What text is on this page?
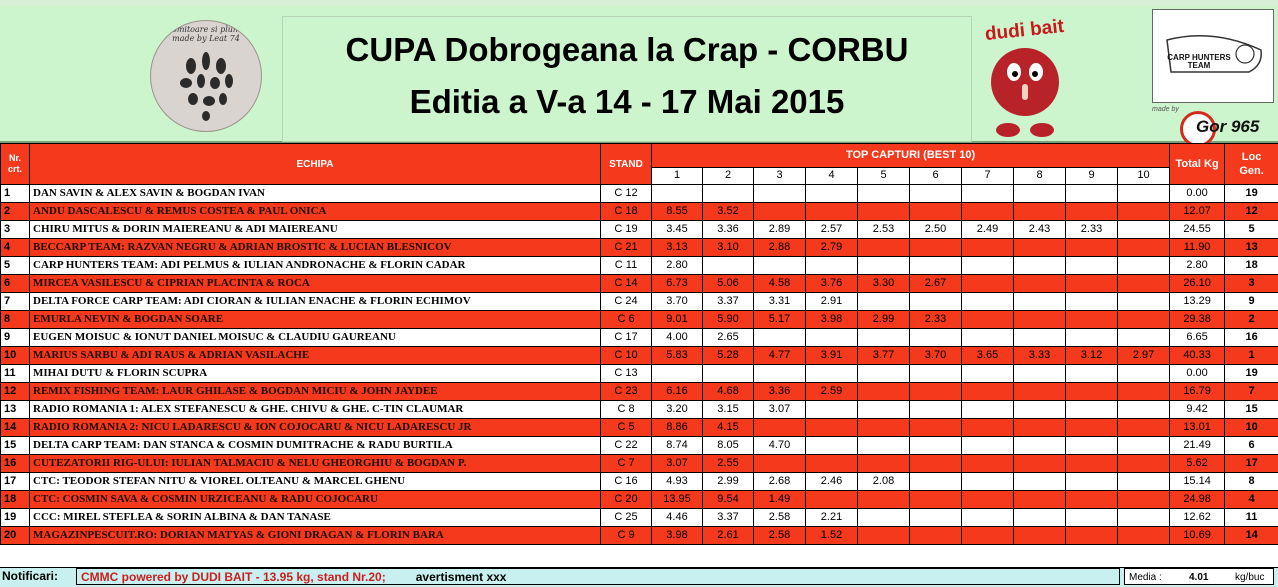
Momitoare si plumbi made by Leat 74	CUPA Dobrogeana la Crap - CORBU
Editia a V-a 14 - 17 Mai 2015
dudi bait
CARP HUNTERS TEAM
made by
Gor 965
Nr. crt.	ECHIPA	STAND	TOP CAPTURI (BEST 10)										Total Kg	Loc Gen.
			1	2	3	4	5	6	7	8	9	10		
1	DAN SAVIN & ALEX SAVIN & BOGDAN IVAN	C 12											0.00	19
2	ANDU DASCALESCU & REMUS COSTEA & PAUL ONICA	C 18	8.55	3.52									12.07	12
3	CHIRU MITUS & DORIN MAIEREANU & ADI MAIEREANU	C 19	3.45	3.36	2.89	2.57	2.53	2.50	2.49	2.43	2.33		24.55	5
4	BECCARP TEAM: RAZVAN NEGRU & ADRIAN BROSTIC & LUCIAN BLESNICOV	C 21	3.13	3.10	2.88	2.79							11.90	13
5	CARP HUNTERS TEAM: ADI PELMUS & IULIAN ANDRONACHE & FLORIN CADAR	C 11	2.80										2.80	18
6	MIRCEA VASILESCU & CIPRIAN PLACINTA & ROCA	C 14	6.73	5.06	4.58	3.76	3.30	2.67					26.10	3
7	DELTA FORCE CARP TEAM: ADI CIORAN & IULIAN ENACHE & FLORIN ECHIMOV	C 24	3.70	3.37	3.31	2.91							13.29	9
8	EMURLA NEVIN & BOGDAN SOARE	C 6	9.01	5.90	5.17	3.98	2.99	2.33					29.38	2
9	EUGEN MOISUC & IONUT DANIEL MOISUC & CLAUDIU GAUREANU	C 17	4.00	2.65									6.65	16
10	MARIUS SARBU & ADI RAUS & ADRIAN VASILACHE	C 10	5.83	5.28	4.77	3.91	3.77	3.70	3.65	3.33	3.12	2.97	40.33	1
11	MIHAI DUTU & FLORIN SCUPRA	C 13											0.00	19
12	REMIX FISHING TEAM: LAUR GHILASE & BOGDAN MICIU & JOHN JAYDEE	C 23	6.16	4.68	3.36	2.59							16.79	7
13	RADIO ROMANIA 1: ALEX STEFANESCU & GHE. CHIVU & GHE. C-TIN CLAUMAR	C 8	3.20	3.15	3.07								9.42	15
14	RADIO ROMANIA 2: NICU LADARESCU & ION COJOCARU & NICU LADARESCU JR	C 5	8.86	4.15									13.01	10
15	DELTA CARP TEAM: DAN STANCA & COSMIN DUMITRACHE & RADU BURTILA	C 22	8.74	8.05	4.70								21.49	6
16	CUTEZATORII RIG-ULUI: IULIAN TALMACIU & NELU GHEORGHIU & BOGDAN P.	C 7	3.07	2.55									5.62	17
17	CTC: TEODOR STEFAN NITU & VIOREL OLTEANU & MARCEL GHENU	C 16	4.93	2.99	2.68	2.46	2.08						15.14	8
18	CTC: COSMIN SAVA & COSMIN URZICEANU & RADU COJOCARU	C 20	13.95	9.54	1.49								24.98	4
19	CCC: MIREL STEFLEA & SORIN ALBINA & DAN TANASE	C 25	4.46	3.37	2.58	2.21							12.62	11
20	MAGAZINPESCUIT.RO: DORIAN MATYAS & GIONI DRAGAN & FLORIN BARA	C 9	3.98	2.61	2.58	1.52							10.69	14
Notificari:	CMMC powered by DUDI BAIT - 13.95 kg, stand Nr.20;	avertisment xxx	Media :	4.01	kg/buc
